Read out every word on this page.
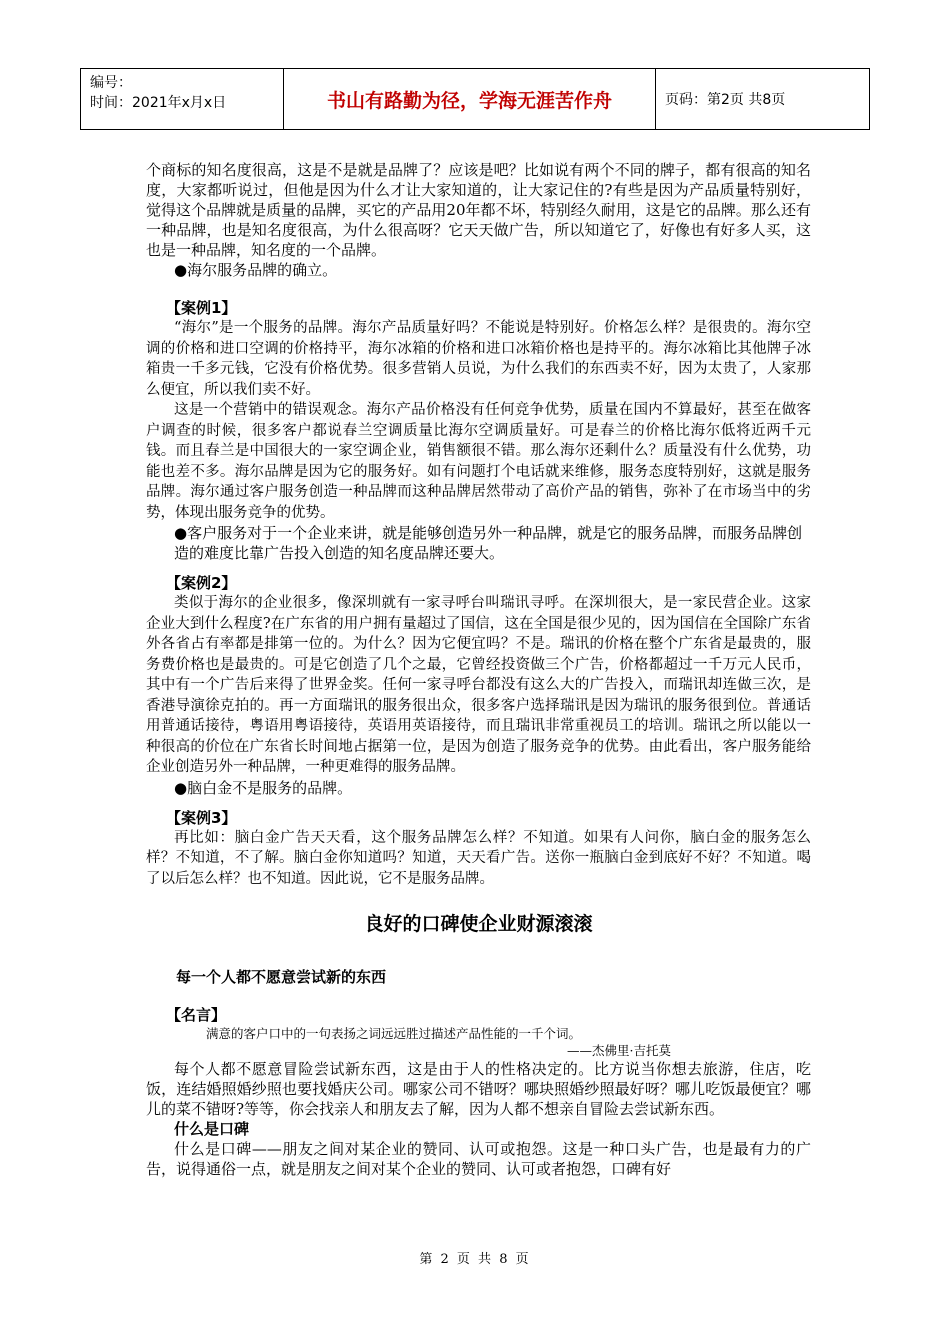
编号：
时间：2021年x月x日	书山有路勤为径，学海无涯苦作舟	页码：第2页 共8页

个商标的知名度很高，这是不是就是品牌了？应该是吧？比如说有两个不同的牌子，都有很高的知名度，大家都听说过，但他是因为什么才让大家知道的，让大家记住的?有些是因为产品质量特别好，觉得这个品牌就是质量的品牌，买它的产品用20年都不坏，特别经久耐用，这是它的品牌。那么还有一种品牌，也是知名度很高，为什么很高呀？它天天做广告，所以知道它了，好像也有好多人买，这也是一种品牌，知名度的一个品牌。

●海尔服务品牌的确立。

【案例1】

“海尔”是一个服务的品牌。海尔产品质量好吗？不能说是特别好。价格怎么样？是很贵的。海尔空调的价格和进口空调的价格持平，海尔冰箱的价格和进口冰箱价格也是持平的。海尔冰箱比其他牌子冰箱贵一千多元钱，它没有价格优势。很多营销人员说，为什么我们的东西卖不好，因为太贵了，人家那么便宜，所以我们卖不好。

这是一个营销中的错误观念。海尔产品价格没有任何竞争优势，质量在国内不算最好，甚至在做客户调查的时候，很多客户都说春兰空调质量比海尔空调质量好。可是春兰的价格比海尔低将近两千元钱。而且春兰是中国很大的一家空调企业，销售额很不错。那么海尔还剩什么？质量没有什么优势，功能也差不多。海尔品牌是因为它的服务好。如有问题打个电话就来维修，服务态度特别好，这就是服务品牌。海尔通过客户服务创造一种品牌而这种品牌居然带动了高价产品的销售，弥补了在市场当中的劣势，体现出服务竞争的优势。

●客户服务对于一个企业来讲，就是能够创造另外一种品牌，就是它的服务品牌，而服务品牌创造的难度比靠广告投入创造的知名度品牌还要大。

【案例2】

类似于海尔的企业很多，像深圳就有一家寻呼台叫瑞讯寻呼。在深圳很大，是一家民营企业。这家企业大到什么程度?在广东省的用户拥有量超过了国信，这在全国是很少见的，因为国信在全国除广东省外各省占有率都是排第一位的。为什么？因为它便宜吗？不是。瑞讯的价格在整个广东省是最贵的，服务费价格也是最贵的。可是它创造了几个之最，它曾经投资做三个广告，价格都超过一千万元人民币，其中有一个广告后来得了世界金奖。任何一家寻呼台都没有这么大的广告投入，而瑞讯却连做三次，是香港导演徐克拍的。再一方面瑞讯的服务很出众，很多客户选择瑞讯是因为瑞讯的服务很到位。普通话用普通话接待，粤语用粤语接待，英语用英语接待，而且瑞讯非常重视员工的培训。瑞讯之所以能以一种很高的价位在广东省长时间地占据第一位，是因为创造了服务竞争的优势。由此看出，客户服务能给企业创造另外一种品牌，一种更难得的服务品牌。

●脑白金不是服务的品牌。

【案例3】

再比如：脑白金广告天天看，这个服务品牌怎么样？不知道。如果有人问你，脑白金的服务怎么样？不知道，不了解。脑白金你知道吗？知道，天天看广告。送你一瓶脑白金到底好不好？不知道。喝了以后怎么样？也不知道。因此说，它不是服务品牌。

良好的口碑使企业财源滚滚
每一个人都不愿意尝试新的东西

【名言】

满意的客户口中的一句表扬之词远远胜过描述产品性能的一千个词。

——杰佛里·吉托莫

每个人都不愿意冒险尝试新东西，这是由于人的性格决定的。比方说当你想去旅游，住店，吃饭，连结婚照婚纱照也要找婚庆公司。哪家公司不错呀？哪块照婚纱照最好呀？哪儿吃饭最便宜？哪儿的菜不错呀?等等，你会找亲人和朋友去了解，因为人都不想亲自冒险去尝试新东西。

什么是口碑

什么是口碑——朋友之间对某企业的赞同、认可或抱怨。这是一种口头广告，也是最有力的广告，说得通俗一点，就是朋友之间对某个企业的赞同、认可或者抱怨，口碑有好

第 2 页 共 8 页
